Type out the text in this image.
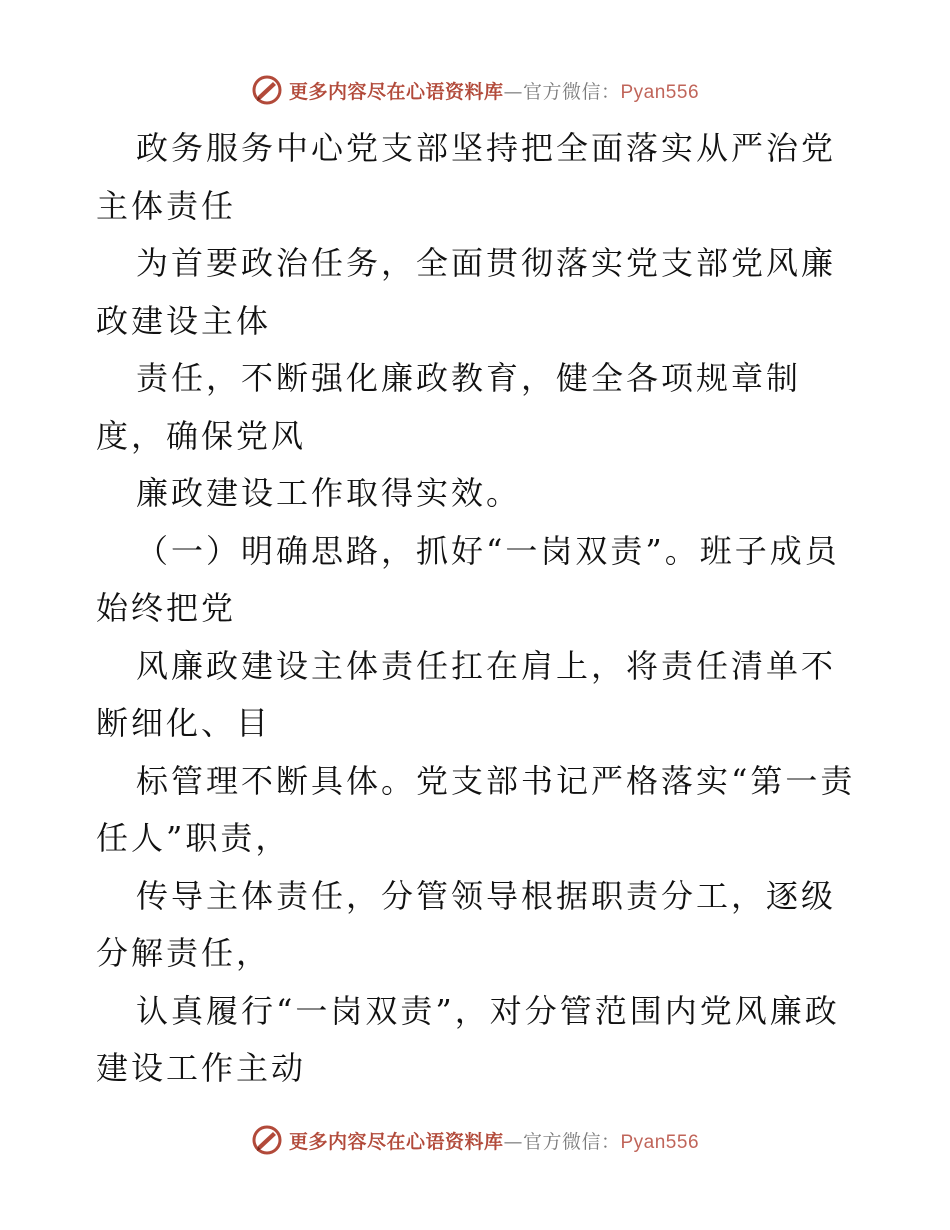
更多内容尽在心语资料库—官方微信：Pyan556

政务服务中心党支部坚持把全面落实从严治党主体责任

为首要政治任务，全面贯彻落实党支部党风廉政建设主体

责任，不断强化廉政教育，健全各项规章制度，确保党风

廉政建设工作取得实效。

（一）明确思路，抓好“一岗双责”。班子成员始终把党

风廉政建设主体责任扛在肩上，将责任清单不断细化、目

标管理不断具体。党支部书记严格落实“第一责任人”职责，

传导主体责任，分管领导根据职责分工，逐级分解责任，

认真履行“一岗双责”，对分管范围内党风廉政建设工作主动

更多内容尽在心语资料库—官方微信：Pyan556
